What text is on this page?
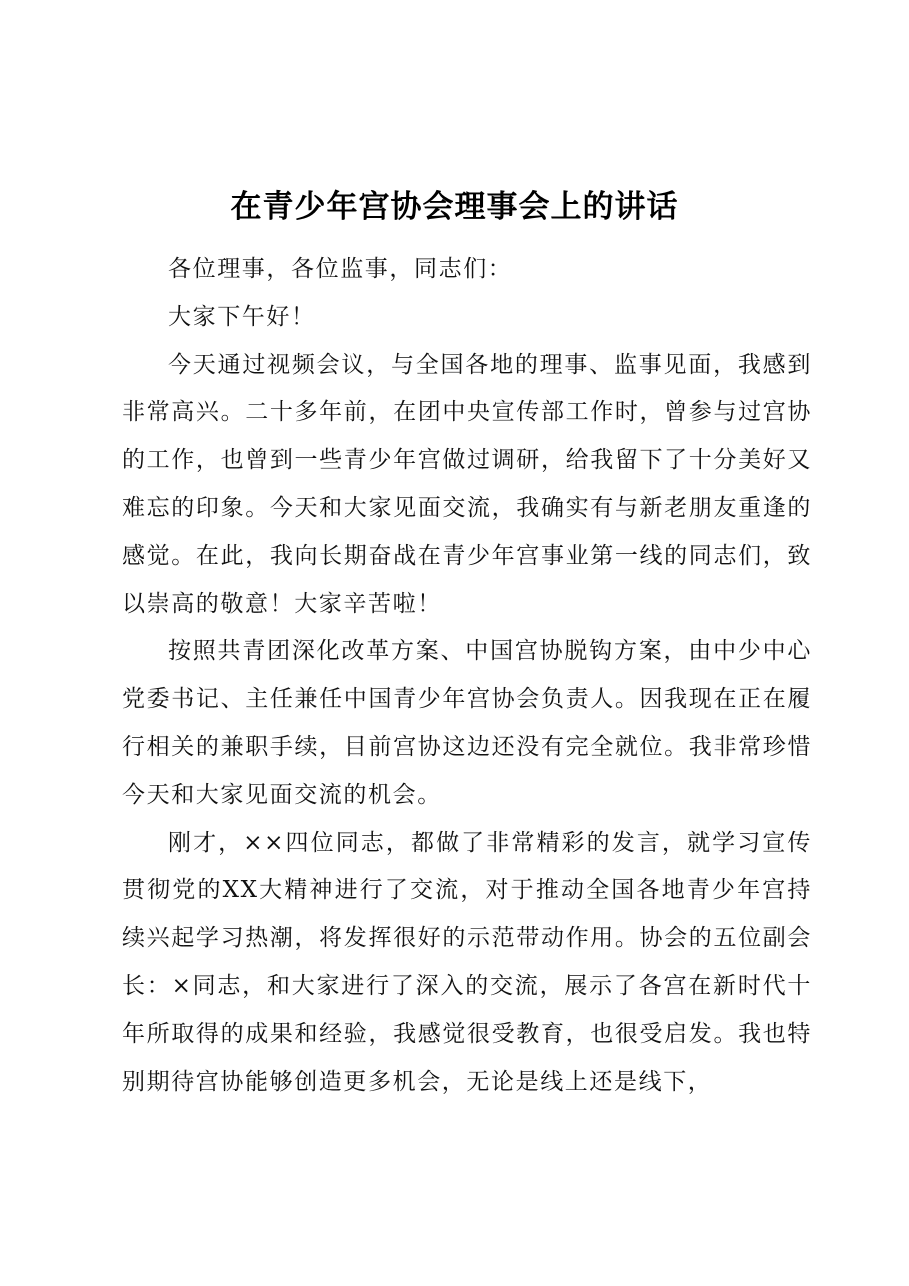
在青少年宫协会理事会上的讲话

各位理事，各位监事，同志们：

大家下午好！

今天通过视频会议，与全国各地的理事、监事见面，我感到非常高兴。二十多年前，在团中央宣传部工作时，曾参与过宫协的工作，也曾到一些青少年宫做过调研，给我留下了十分美好又难忘的印象。今天和大家见面交流，我确实有与新老朋友重逢的感觉。在此，我向长期奋战在青少年宫事业第一线的同志们，致以崇高的敬意！大家辛苦啦！

按照共青团深化改革方案、中国宫协脱钩方案，由中少中心党委书记、主任兼任中国青少年宫协会负责人。因我现在正在履行相关的兼职手续，目前宫协这边还没有完全就位。我非常珍惜今天和大家见面交流的机会。

刚才，××四位同志，都做了非常精彩的发言，就学习宣传贯彻党的XX大精神进行了交流，对于推动全国各地青少年宫持续兴起学习热潮，将发挥很好的示范带动作用。协会的五位副会长：×同志，和大家进行了深入的交流，展示了各宫在新时代十年所取得的成果和经验，我感觉很受教育，也很受启发。我也特别期待宫协能够创造更多机会，无论是线上还是线下，
